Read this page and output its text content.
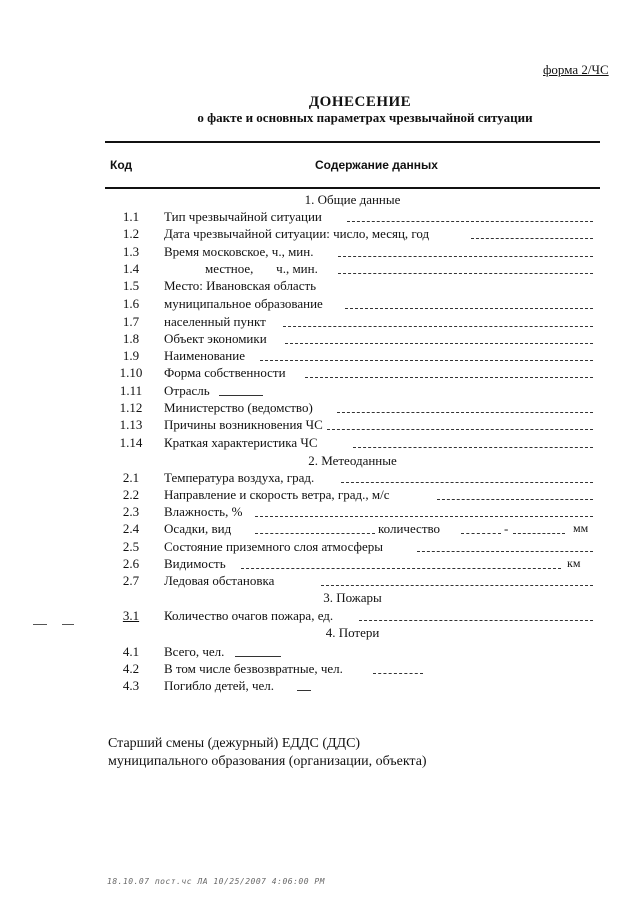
форма 2/ЧС
ДОНЕСЕНИЕ
о факте и основных параметрах чрезвычайной ситуации
Код	Содержание данных
1. Общие данные
1.1	Тип чрезвычайной ситуации
1.2	Дата чрезвычайной ситуации: число, месяц, год
1.3	Время московское, ч., мин.
1.4	местное,       ч., мин.
1.5	Место: Ивановская область
1.6	муниципальное образование
1.7	населенный пункт
1.8	Объект экономики
1.9	Наименование
1.10	Форма собственности
1.11	Отрасль
1.12	Министерство (ведомство)
1.13	Причины возникновения ЧС
1.14	Краткая характеристика ЧС
2. Метеоданные
2.1	Температура воздуха, град.
2.2	Направление и скорость ветра, град., м/с
2.3	Влажность, %
2.4	Осадки, вид	количество	-	мм
2.5	Состояние приземного слоя атмосферы
2.6	Видимость	км
2.7	Ледовая обстановка
3. Пожары
3.1	Количество очагов пожара, ед.
4. Потери
4.1	Всего, чел.
4.2	В том числе безвозвратные, чел.
4.3	Погибло детей, чел.
Старший смены (дежурный) ЕДДС (ДДС)
муниципального образования (организации, объекта)
18.10.07 пост.чс ЛА 10/25/2007 4:06:00 PM
